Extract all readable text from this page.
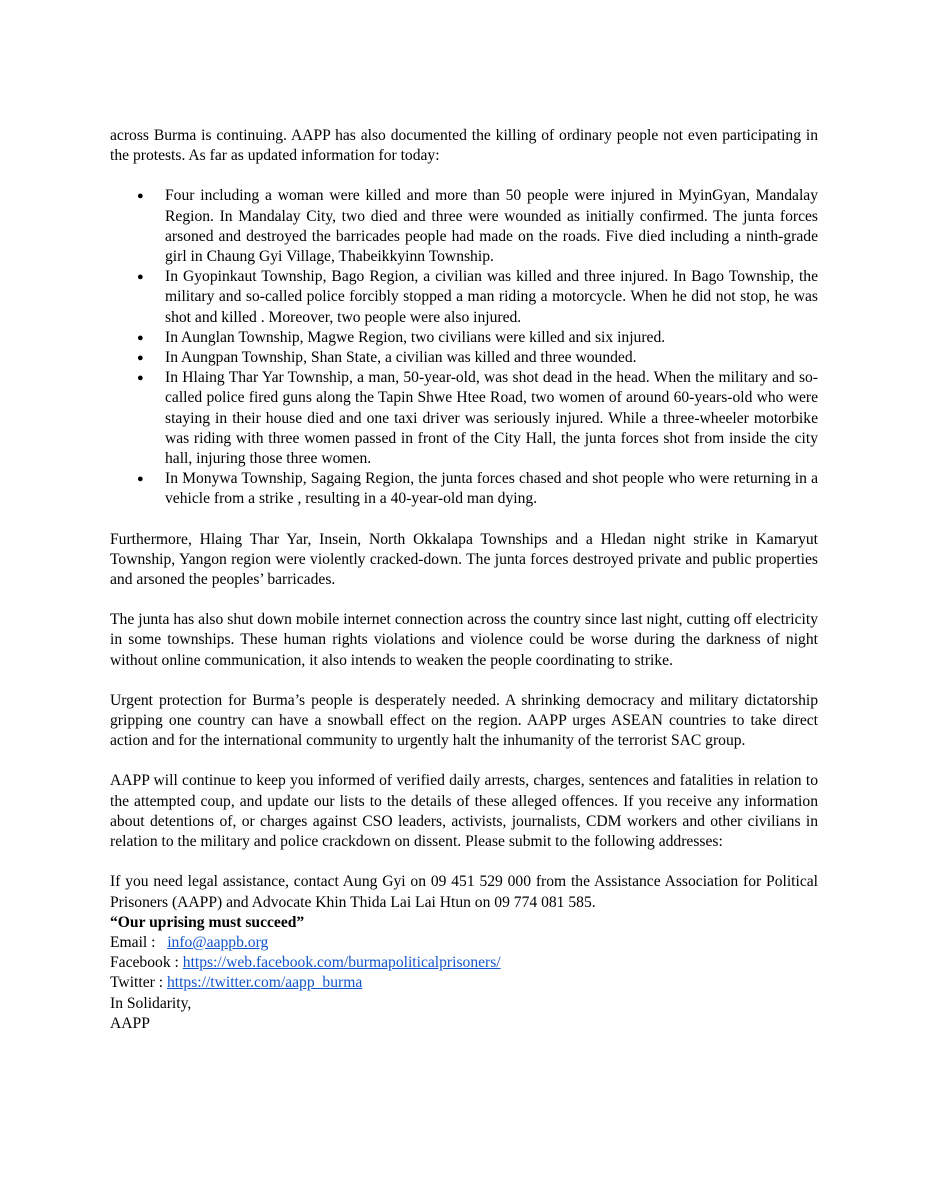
across Burma is continuing. AAPP has also documented the killing of ordinary people not even participating in the protests. As far as updated information for today:

● Four including a woman were killed and more than 50 people were injured in MyinGyan, Mandalay Region. In Mandalay City, two died and three were wounded as initially confirmed. The junta forces arsoned and destroyed the barricades people had made on the roads. Five died including a ninth-grade girl in Chaung Gyi Village, Thabeikkyinn Township.
● In Gyopinkaut Township, Bago Region, a civilian was killed and three injured. In Bago Township, the military and so-called police forcibly stopped a man riding a motorcycle. When he did not stop, he was shot and killed . Moreover, two people were also injured.
● In Aunglan Township, Magwe Region, two civilians were killed and six injured.
● In Aungpan Township, Shan State, a civilian was killed and three wounded.
● In Hlaing Thar Yar Township, a man, 50-year-old, was shot dead in the head. When the military and so-called police fired guns along the Tapin Shwe Htee Road, two women of around 60-years-old who were staying in their house died and one taxi driver was seriously injured. While a three-wheeler motorbike was riding with three women passed in front of the City Hall, the junta forces shot from inside the city hall, injuring those three women.
● In Monywa Township, Sagaing Region, the junta forces chased and shot people who were returning in a vehicle from a strike , resulting in a 40-year-old man dying.

Furthermore, Hlaing Thar Yar, Insein, North Okkalapa Townships and a Hledan night strike in Kamaryut Township, Yangon region were violently cracked-down. The junta forces destroyed private and public properties and arsoned the peoples’ barricades.

The junta has also shut down mobile internet connection across the country since last night, cutting off electricity in some townships. These human rights violations and violence could be worse during the darkness of night without online communication, it also intends to weaken the people coordinating to strike.

Urgent protection for Burma’s people is desperately needed. A shrinking democracy and military dictatorship gripping one country can have a snowball effect on the region. AAPP urges ASEAN countries to take direct action and for the international community to urgently halt the inhumanity of the terrorist SAC group.

AAPP will continue to keep you informed of verified daily arrests, charges, sentences and fatalities in relation to the attempted coup, and update our lists to the details of these alleged offences. If you receive any information about detentions of, or charges against CSO leaders, activists, journalists, CDM workers and other civilians in relation to the military and police crackdown on dissent. Please submit to the following addresses:

If you need legal assistance, contact Aung Gyi on 09 451 529 000 from the Assistance Association for Political Prisoners (AAPP) and Advocate Khin Thida Lai Lai Htun on 09 774 081 585.

“Our uprising must succeed”

Email : info@aappb.org

Facebook : https://web.facebook.com/burmapoliticalprisoners/

Twitter : https://twitter.com/aapp_burma

In Solidarity,

AAPP
